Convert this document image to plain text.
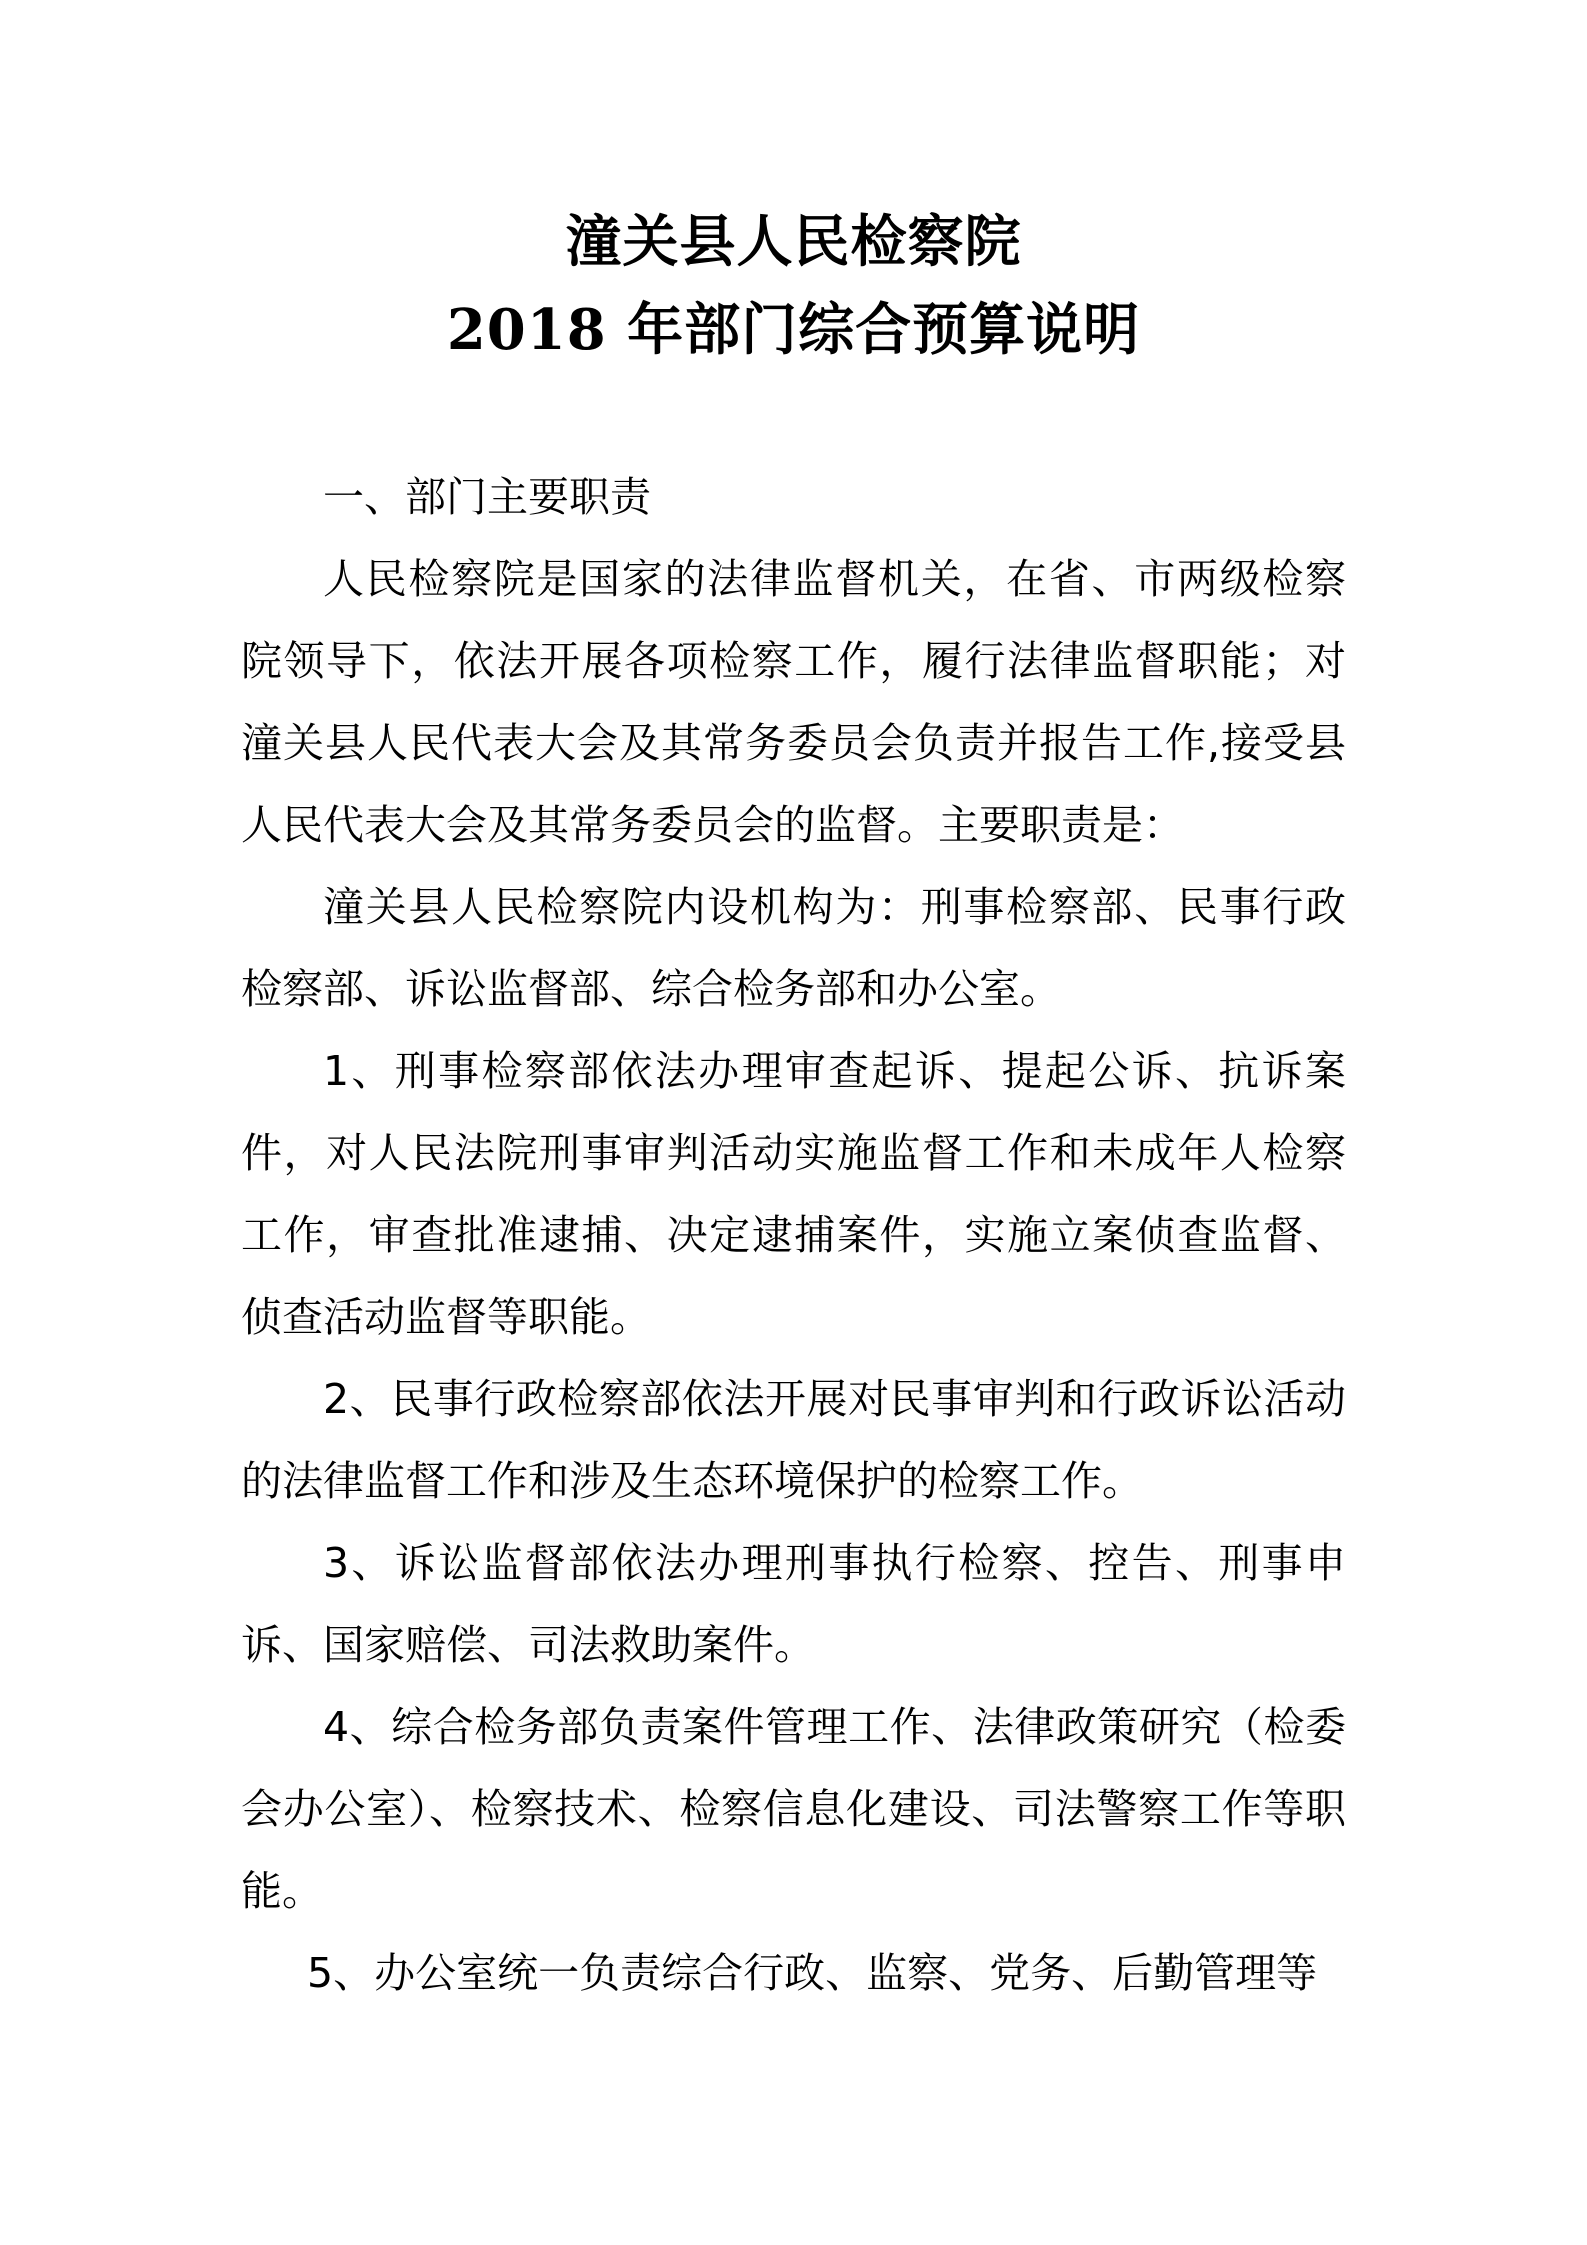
潼关县人民检察院
2018 年部门综合预算说明

一、部门主要职责

人民检察院是国家的法律监督机关，在省、市两级检察院领导下，依法开展各项检察工作，履行法律监督职能；对潼关县人民代表大会及其常务委员会负责并报告工作,接受县人民代表大会及其常务委员会的监督。主要职责是：

潼关县人民检察院内设机构为：刑事检察部、民事行政检察部、诉讼监督部、综合检务部和办公室。

1、刑事检察部依法办理审查起诉、提起公诉、抗诉案件，对人民法院刑事审判活动实施监督工作和未成年人检察工作，审查批准逮捕、决定逮捕案件，实施立案侦查监督、侦查活动监督等职能。

2、民事行政检察部依法开展对民事审判和行政诉讼活动的法律监督工作和涉及生态环境保护的检察工作。

3、诉讼监督部依法办理刑事执行检察、控告、刑事申诉、国家赔偿、司法救助案件。

4、综合检务部负责案件管理工作、法律政策研究（检委会办公室）、检察技术、检察信息化建设、司法警察工作等职能。

5、办公室统一负责综合行政、监察、党务、后勤管理等
